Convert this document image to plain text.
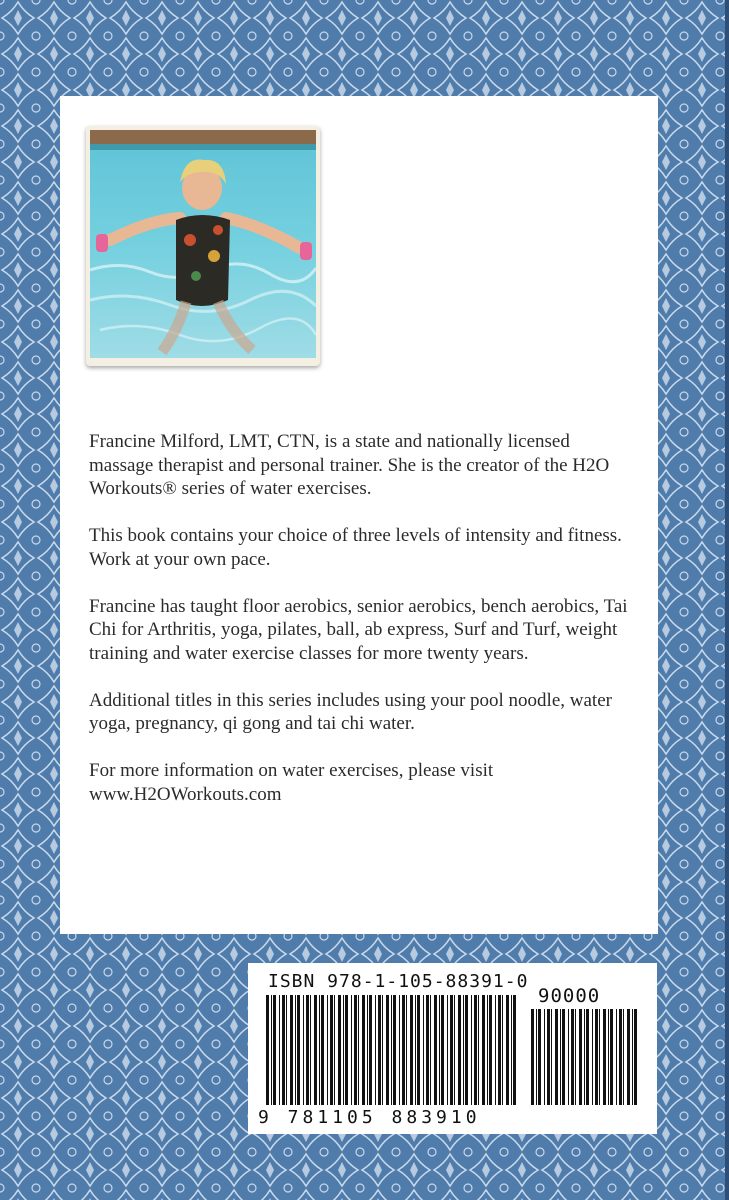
Francine Milford, LMT, CTN, is a state and nationally licensed massage therapist and personal trainer. She is the creator of the H2O Workouts® series of water exercises.

This book contains your choice of three levels of intensity and fitness. Work at your own pace.

Francine has taught floor aerobics, senior aerobics, bench aerobics, Tai Chi for Arthritis, yoga, pilates, ball, ab express, Surf and Turf, weight training and water exercise classes for more twenty years.

Additional titles in this series includes using your pool noodle, water yoga, pregnancy, qi gong and tai chi water.

For more information on water exercises, please visit www.H2OWorkouts.com

ISBN 978-1-105-88391-0
90000
9 781105 883910
